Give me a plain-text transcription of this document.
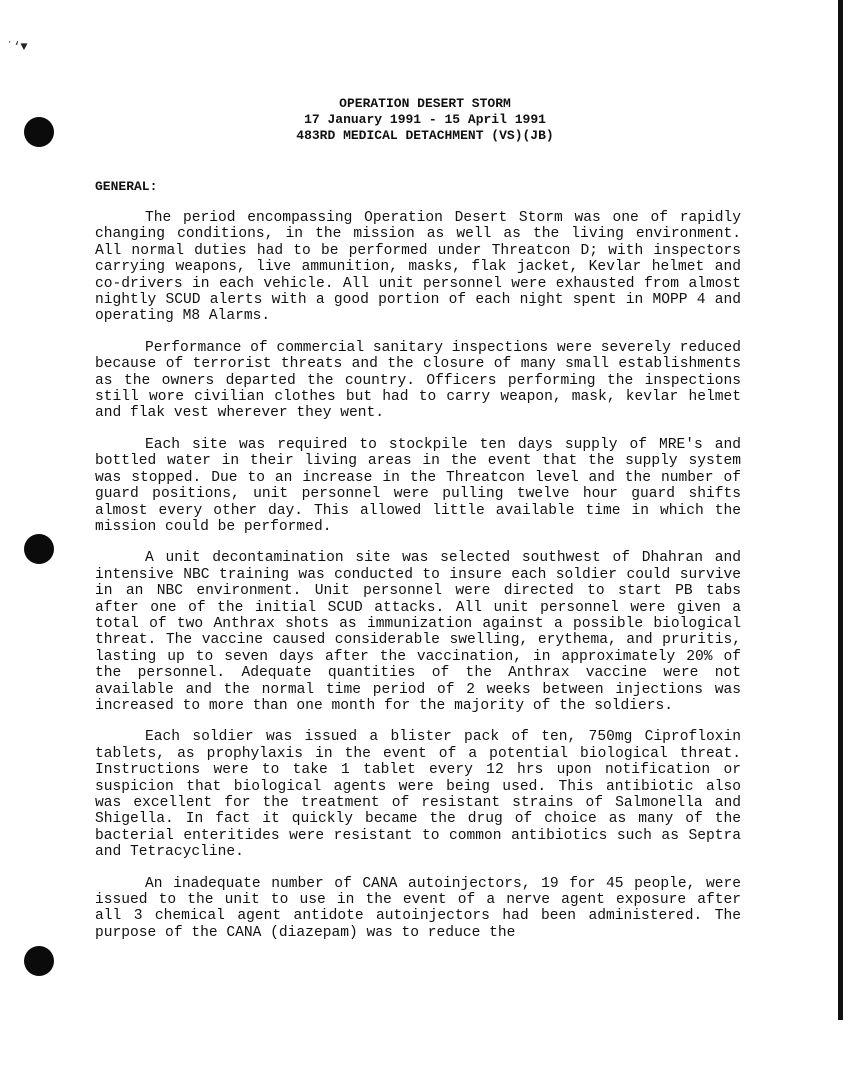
˙‘▼
OPERATION DESERT STORM
17 January 1991 - 15 April 1991
483RD MEDICAL DETACHMENT (VS)(JB)
GENERAL:

The period encompassing Operation Desert Storm was one of rapidly changing conditions, in the mission as well as the living environment. All normal duties had to be performed under Threatcon D; with inspectors carrying weapons, live ammunition, masks, flak jacket, Kevlar helmet and co-drivers in each vehicle. All unit personnel were exhausted from almost nightly SCUD alerts with a good portion of each night spent in MOPP 4 and operating M8 Alarms.

Performance of commercial sanitary inspections were severely reduced because of terrorist threats and the closure of many small establishments as the owners departed the country. Officers performing the inspections still wore civilian clothes but had to carry weapon, mask, kevlar helmet and flak vest wherever they went.

Each site was required to stockpile ten days supply of MRE's and bottled water in their living areas in the event that the supply system was stopped. Due to an increase in the Threatcon level and the number of guard positions, unit personnel were pulling twelve hour guard shifts almost every other day. This allowed little available time in which the mission could be performed.

A unit decontamination site was selected southwest of Dhahran and intensive NBC training was conducted to insure each soldier could survive in an NBC environment. Unit personnel were directed to start PB tabs after one of the initial SCUD attacks. All unit personnel were given a total of two Anthrax shots as immunization against a possible biological threat. The vaccine caused considerable swelling, erythema, and pruritis, lasting up to seven days after the vaccination, in approximately 20% of the personnel. Adequate quantities of the Anthrax vaccine were not available and the normal time period of 2 weeks between injections was increased to more than one month for the majority of the soldiers.

Each soldier was issued a blister pack of ten, 750mg Ciprofloxin tablets, as prophylaxis in the event of a potential biological threat. Instructions were to take 1 tablet every 12 hrs upon notification or suspicion that biological agents were being used. This antibiotic also was excellent for the treatment of resistant strains of Salmonella and Shigella. In fact it quickly became the drug of choice as many of the bacterial enteritides were resistant to common antibiotics such as Septra and Tetracycline.

An inadequate number of CANA autoinjectors, 19 for 45 people, were issued to the unit to use in the event of a nerve agent exposure after all 3 chemical agent antidote autoinjectors had been administered. The purpose of the CANA (diazepam) was to reduce the
